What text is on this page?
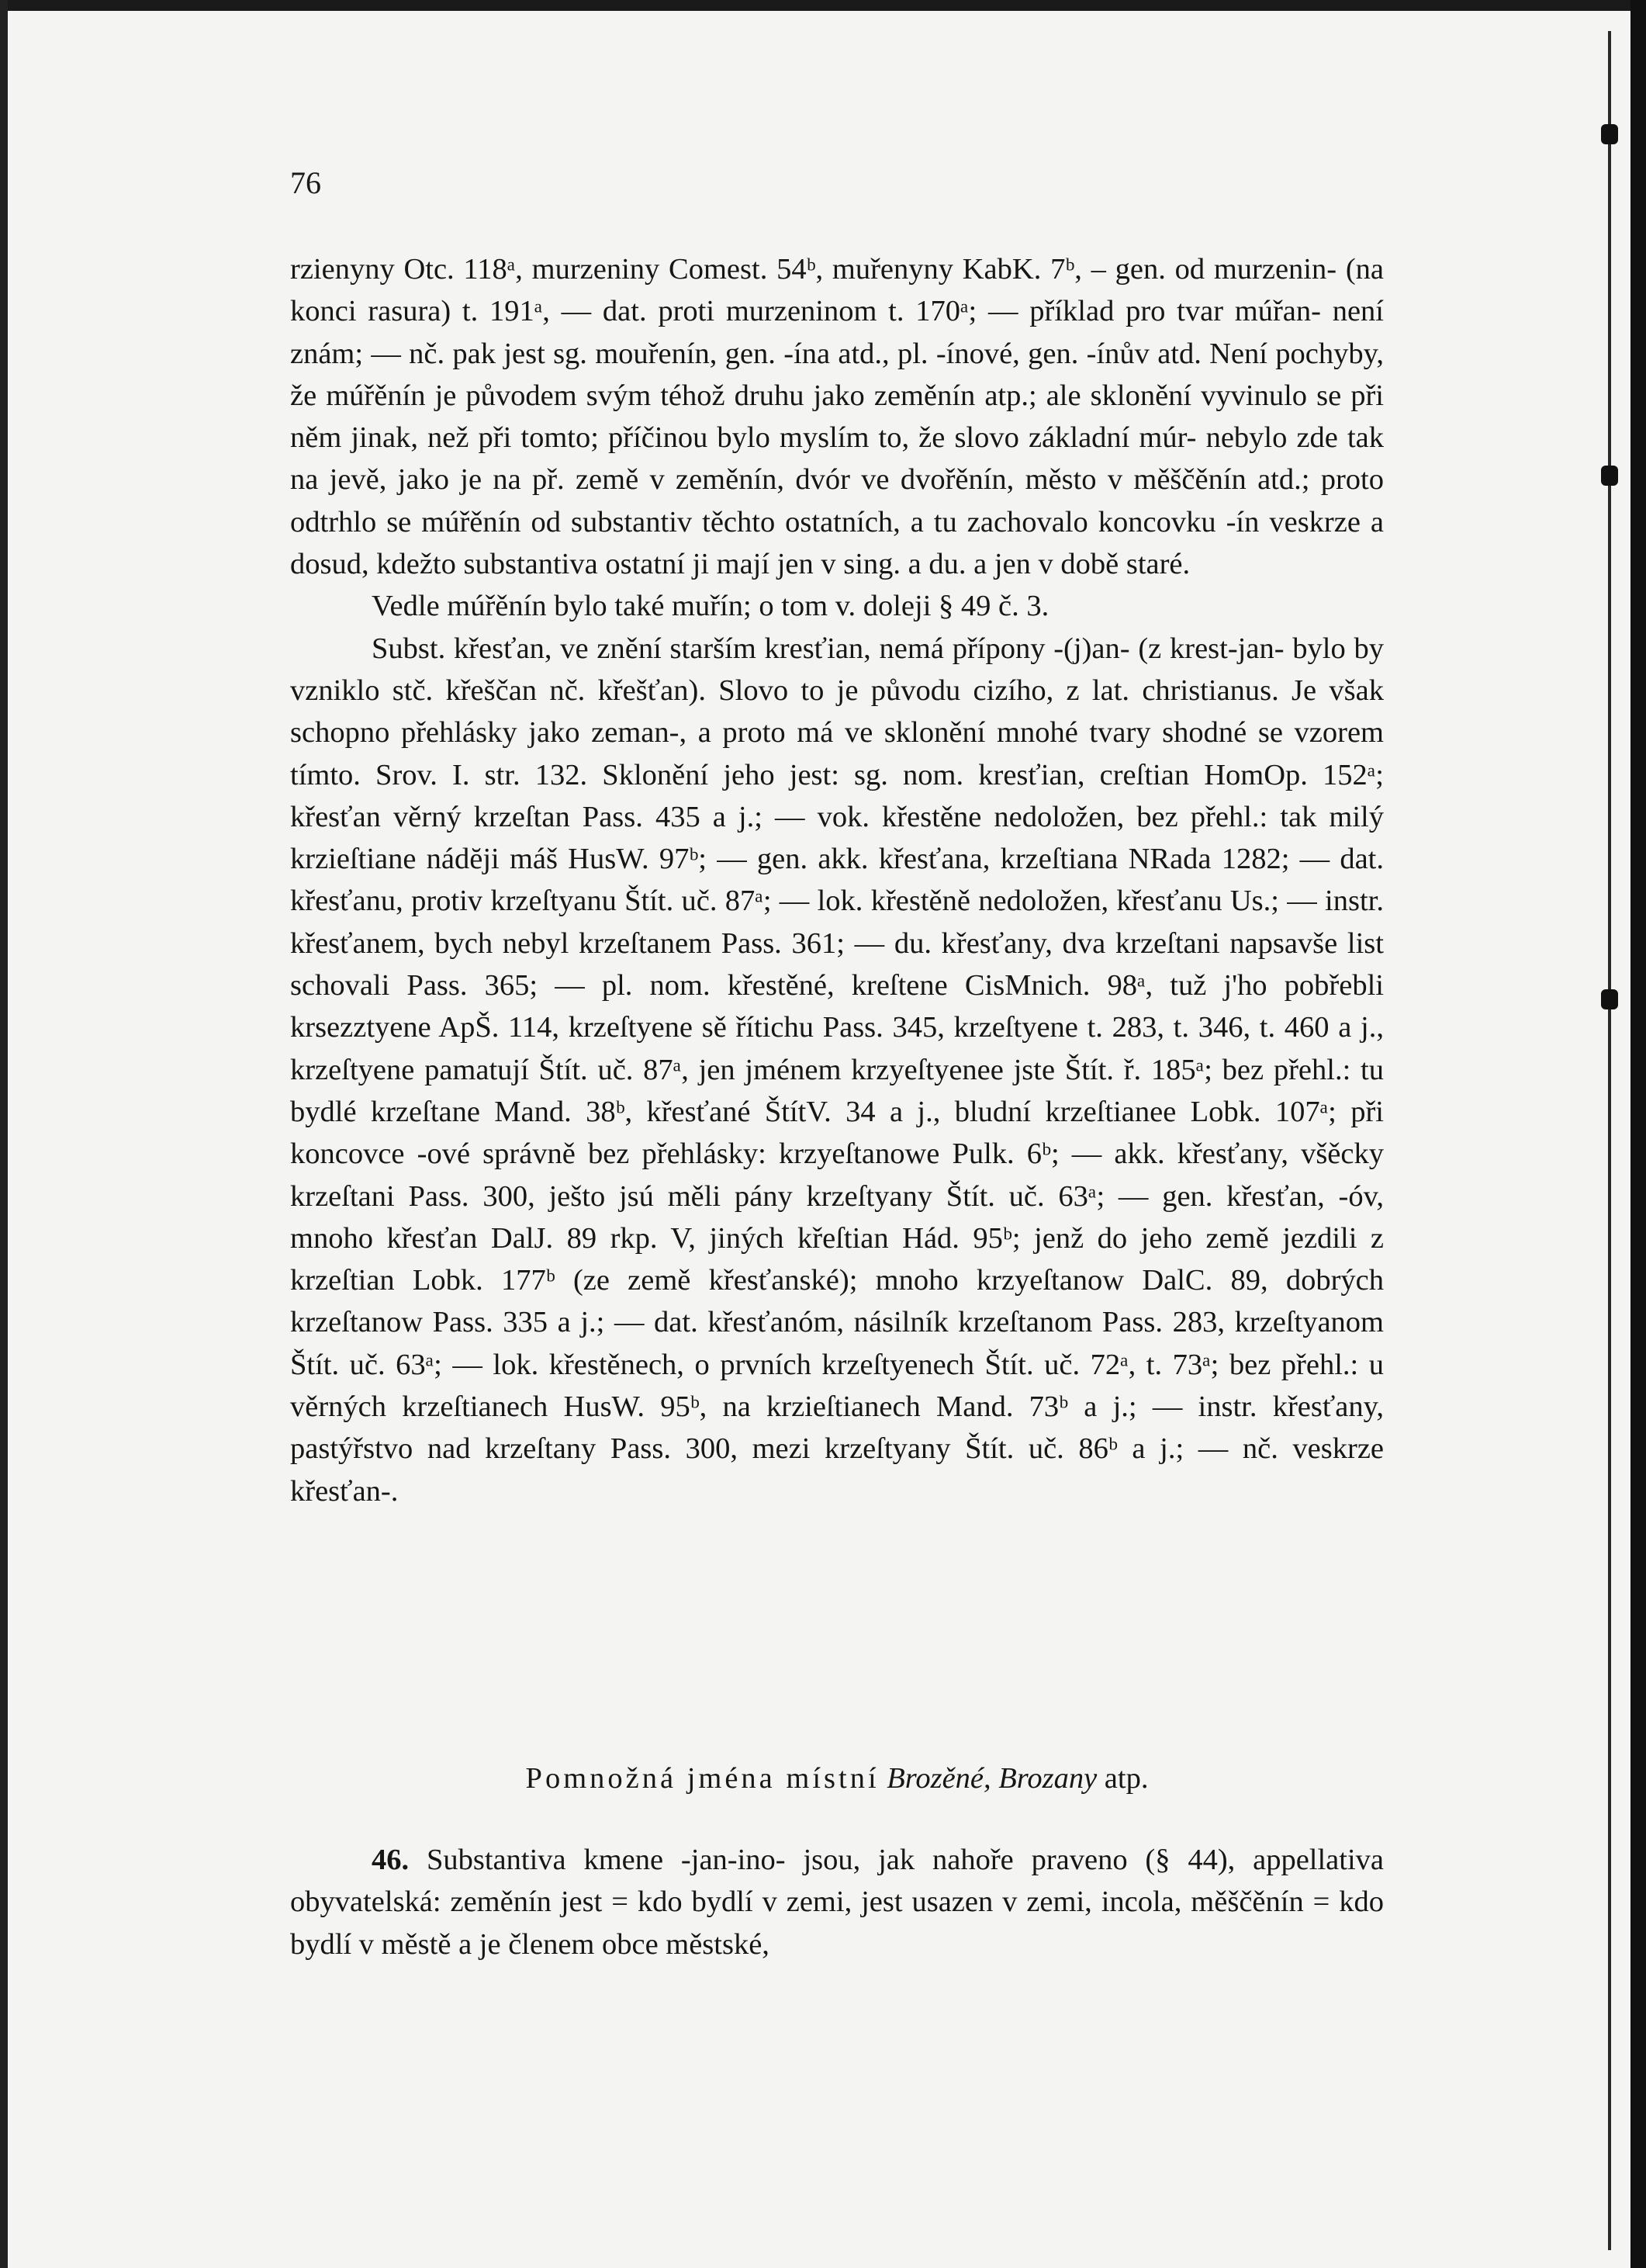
76

rzienyny Otc. 118ᵃ, murzeniny Comest. 54ᵇ, muřenyny KabK. 7ᵇ, – gen. od murzenin- (na konci rasura) t. 191ᵃ, — dat. proti murzeninom t. 170ᵃ; — příklad pro tvar múřan- není znám; — nč. pak jest sg. mouřenín, gen. -ína atd., pl. -ínové, gen. -ínův atd. Není pochyby, že múřěnín je původem svým téhož druhu jako zeměnín atp.; ale sklonění vyvinulo se při něm jinak, než při tomto; příčinou bylo myslím to, že slovo základní múr- nebylo zde tak na jevě, jako je na př. země v zeměnín, dvór ve dvořěnín, město v měščěnín atd.; proto odtrhlo se múřěnín od substantiv těchto ostatních, a tu zachovalo koncovku -ín veskrze a dosud, kdežto substantiva ostatní ji mají jen v sing. a du. a jen v době staré.

Vedle múřěnín bylo také muřín; o tom v. doleji § 49 č. 3.

Subst. křesťan, ve znění starším kresťian, nemá přípony -(j)an- (z krest-jan- bylo by vzniklo stč. křeščan nč. křešťan). Slovo to je původu cizího, z lat. christianus. Je však schopno přehlásky jako zeman-, a proto má ve sklonění mnohé tvary shodné se vzorem tímto. Srov. I. str. 132. Sklonění jeho jest: sg. nom. kresťian, creſtian HomOp. 152ᵃ; křesťan věrný krzeſtan Pass. 435 a j.; — vok. křestěne nedoložen, bez přehl.: tak milý krzieſtiane nádĕji máš HusW. 97ᵇ; — gen. akk. křesťana, krzeſtiana NRada 1282; — dat. křesťanu, protiv krzeſtyanu Štít. uč. 87ᵃ; — lok. křestěně nedoložen, křesťanu Us.; — instr. křesťanem, bych nebyl krzeſtanem Pass. 361; — du. křesťany, dva krzeſtani napsavše list schovali Pass. 365; — pl. nom. křestěné, kreſtene CisMnich. 98ᵃ, tuž j'ho pobřebli krsezztyene ApŠ. 114, krzeſtyene sě řítichu Pass. 345, krzeſtyene t. 283, t. 346, t. 460 a j., krzeſtyene pamatují Štít. uč. 87ᵃ, jen jménem krzyeſtyenee jste Štít. ř. 185ᵃ; bez přehl.: tu bydlé krzeſtane Mand. 38ᵇ, křesťané ŠtítV. 34 a j., bludní krzeſtianee Lobk. 107ᵃ; při koncovce -ové správně bez přehlásky: krzyeſtanowe Pulk. 6ᵇ; — akk. křesťany, všěcky krzeſtani Pass. 300, ješto jsú měli pány krzeſtyany Štít. uč. 63ᵃ; — gen. křesťan, -óv, mnoho křesťan DalJ. 89 rkp. V, jiných křeſtian Hád. 95ᵇ; jenž do jeho země jezdili z krzeſtian Lobk. 177ᵇ (ze země křesťanské); mnoho krzyeſtanow DalC. 89, dobrých krzeſtanow Pass. 335 a j.; — dat. křesťanóm, násilník krzeſtanom Pass. 283, krzeſtyanom Štít. uč. 63ᵃ; — lok. křestěnech, o prvních krzeſtyenech Štít. uč. 72ᵃ, t. 73ᵃ; bez přehl.: u věrných krzeſtianech HusW. 95ᵇ, na krzieſtianech Mand. 73ᵇ a j.; — instr. křesťany, pastýřstvo nad krzeſtany Pass. 300, mezi krzeſtyany Štít. uč. 86ᵇ a j.; — nč. veskrze křesťan-.

Pomnožná jména místní Brozěné, Brozany atp.

46. Substantiva kmene -jan-ino- jsou, jak nahoře praveno (§ 44), appellativa obyvatelská: zeměnín jest = kdo bydlí v zemi, jest usazen v zemi, incola, měščěnín = kdo bydlí v městě a je členem obce městské,
